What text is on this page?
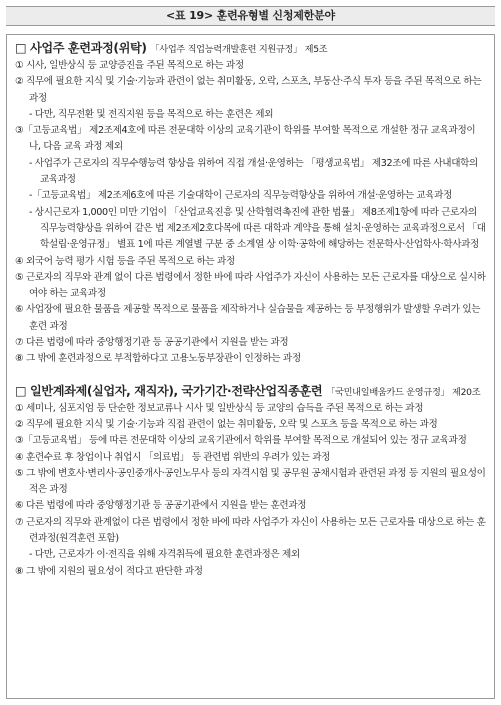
<표 19> 훈련유형별 신청제한분야
□ 사업주 훈련과정(위탁) 「사업주 직업능력개발훈련 지원규정」 제5조
① 시사, 일반상식 등 교양증진을 주된 목적으로 하는 과정
② 직무에 필요한 지식 및 기술·기능과 관련이 없는 취미활동, 오락, 스포츠, 부동산·주식 투자 등을 주된 목적으로 하는 과정
- 다만, 직무전환 및 전직지원 등을 목적으로 하는 훈련은 제외
③「고등교육법」 제2조제4호에 따른 전문대학 이상의 교육기관이 학위를 부여할 목적으로 개설한 정규 교육과정이나, 다음 교육 과정 제외
- 사업주가 근로자의 직무수행능력 향상을 위하여 직접 개설·운영하는 「평생교육법」 제32조에 따른 사내대학의 교육과정
-「고등교육법」 제2조제6호에 따른 기술대학이 근로자의 직무능력향상을 위하여 개설·운영하는 교육과정
- 상시근로자 1,000인 미만 기업이 「산업교육진흥 및 산학협력촉진에 관한 법률」 제8조제1항에 따라 근로자의 직무능력향상을 위하여 같은 법 제2조제2호다목에 따른 대학과 계약을 통해 설치·운영하는 교육과정으로서 「대학설립·운영규정」 별표 1에 따른 계열별 구분 중 소계열 상 이학·공학에 해당하는 전문학사·산업학사·학사과정
④ 외국어 능력 평가 시험 등을 주된 목적으로 하는 과정
⑤ 근로자의 직무와 관계 없이 다른 법령에서 정한 바에 따라 사업주가 자신이 사용하는 모든 근로자를 대상으로 실시하여야 하는 교육과정
⑥ 사업장에 필요한 물품을 제공할 목적으로 물품을 제작하거나 실습물을 제공하는 등 부정행위가 발생할 우려가 있는 훈련 과정
⑦ 다른 법령에 따라 중앙행정기관 등 공공기관에서 지원을 받는 과정
⑧ 그 밖에 훈련과정으로 부적합하다고 고용노동부장관이 인정하는 과정
□ 일반계좌제(실업자, 재직자), 국가기간·전략산업직종훈련 「국민내일배움카드 운영규정」 제20조
① 세미나, 심포지엄 등 단순한 정보교류나 시사 및 일반상식 등 교양의 습득을 주된 목적으로 하는 과정
② 직무에 필요한 지식 및 기술·기능과 직접 관련이 없는 취미활동, 오락 및 스포츠 등을 목적으로 하는 과정
③「고등교육법」 등에 따른 전문대학 이상의 교육기관에서 학위를 부여할 목적으로 개설되어 있는 정규 교육과정
④ 훈련수료 후 창업이나 취업시 「의료법」 등 관련법 위반의 우려가 있는 과정
⑤ 그 밖에 변호사·변리사·공인중개사·공인노무사 등의 자격시험 및 공무원 공채시험과 관련된 과정 등 지원의 필요성이 적은 과정
⑥ 다른 법령에 따라 중앙행정기관 등 공공기관에서 지원을 받는 훈련과정
⑦ 근로자의 직무와 관계없이 다른 법령에서 정한 바에 따라 사업주가 자신이 사용하는 모든 근로자를 대상으로 하는 훈련과정(원격훈련 포함)
- 다만, 근로자가 이·전직을 위해 자격취득에 필요한 훈련과정은 제외
⑧ 그 밖에 지원의 필요성이 적다고 판단한 과정
